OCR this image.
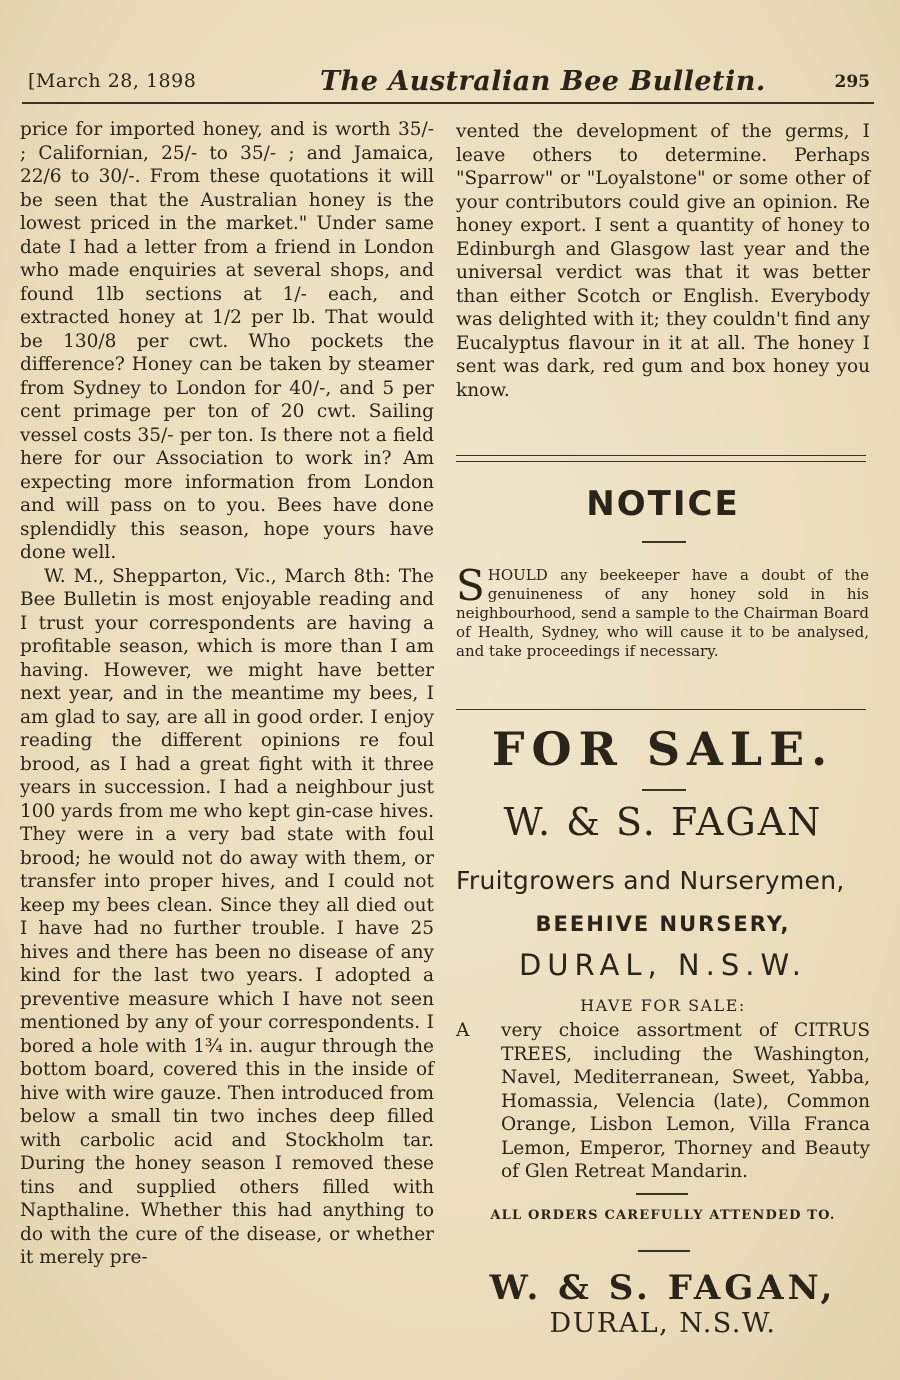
[March 28, 1898	The Australian Bee Bulletin.	295

price for imported honey, and is worth 35/- ; Californian, 25/- to 35/- ; and Jamaica, 22/6 to 30/-. From these quotations it will be seen that the Australian honey is the lowest priced in the market." Under same date I had a letter from a friend in London who made enquiries at several shops, and found 1lb sections at 1/- each, and extracted honey at 1/2 per lb. That would be 130/8 per cwt. Who pockets the difference? Honey can be taken by steamer from Sydney to London for 40/-, and 5 per cent primage per ton of 20 cwt. Sailing vessel costs 35/- per ton. Is there not a field here for our Association to work in? Am expecting more information from London and will pass on to you. Bees have done splendidly this season, hope yours have done well.

W. M., Shepparton, Vic., March 8th: The Bee Bulletin is most enjoyable reading and I trust your correspondents are having a profitable season, which is more than I am having. However, we might have better next year, and in the meantime my bees, I am glad to say, are all in good order. I enjoy reading the different opinions re foul brood, as I had a great fight with it three years in succession. I had a neighbour just 100 yards from me who kept gin-case hives. They were in a very bad state with foul brood; he would not do away with them, or transfer into proper hives, and I could not keep my bees clean. Since they all died out I have had no further trouble. I have 25 hives and there has been no disease of any kind for the last two years. I adopted a preventive measure which I have not seen mentioned by any of your correspondents. I bored a hole with 1¾ in. augur through the bottom board, covered this in the inside of hive with wire gauze. Then introduced from below a small tin two inches deep filled with carbolic acid and Stockholm tar. During the honey season I removed these tins and supplied others filled with Napthaline. Whether this had anything to do with the cure of the disease, or whether it merely pre-

vented the development of the germs, I leave others to determine. Perhaps "Sparrow" or "Loyalstone" or some other of your contributors could give an opinion. Re honey export. I sent a quantity of honey to Edinburgh and Glasgow last year and the universal verdict was that it was better than either Scotch or English. Everybody was delighted with it; they couldn't find any Eucalyptus flavour in it at all. The honey I sent was dark, red gum and box honey you know.

NOTICE
S HOULD any beekeeper have a doubt of the genuineness of any honey sold in his neighbourhood, send a sample to the Chairman Board of Health, Sydney, who will cause it to be analysed, and take proceedings if necessary.
FOR SALE.
W. & S. FAGAN
Fruitgrowers and Nurserymen,
BEEHIVE NURSERY,
DURAL, N.S.W.
HAVE FOR SALE:
A very choice assortment of CITRUS TREES, including the Washington, Navel, Mediterranean, Sweet, Yabba, Homassia, Velencia (late), Common Orange, Lisbon Lemon, Villa Franca Lemon, Emperor, Thorney and Beauty of Glen Retreat Mandarin.
ALL ORDERS CAREFULLY ATTENDED TO.
W. & S. FAGAN,
DURAL, N.S.W.
